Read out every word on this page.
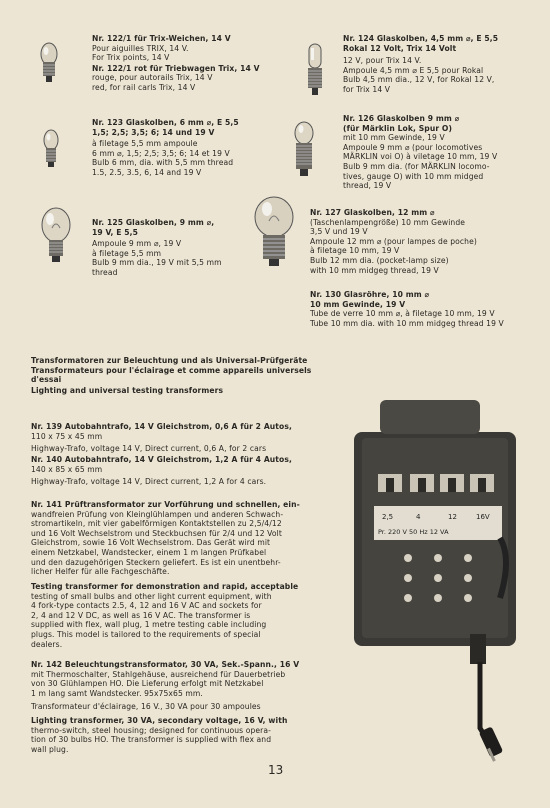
Nr. 122/1 für Trix-Weichen, 14 V
Pour aiguilles TRIX, 14 V.
For Trix points, 14 V
Nr. 122/1 rot für Triebwagen Trix, 14 V
rouge, pour autorails Trix, 14 V
red, for rail carls Trix, 14 V
Nr. 123 Glaskolben, 6 mm ⌀, E 5,5
1,5; 2,5; 3,5; 6; 14 und 19 V
à filetage 5,5 mm ampoule
6 mm ⌀, 1,5; 2,5; 3,5; 6; 14 et 19 V
Bulb 6 mm, dia. with 5,5 mm thread
1.5, 2.5, 3.5, 6, 14 and 19 V
Nr. 125 Glaskolben, 9 mm ⌀,
19 V, E 5,5
Ampoule 9 mm ⌀, 19 V
à filetage 5,5 mm
Bulb 9 mm dia., 19 V mit 5,5 mm
thread
Nr. 124 Glaskolben, 4,5 mm ⌀, E 5,5
Rokal 12 Volt, Trix 14 Volt
12 V, pour Trix 14 V.
Ampoule 4,5 mm ⌀ E 5,5 pour Rokal
Bulb 4,5 mm dia., 12 V, for Rokal 12 V,
for Trix 14 V
Nr. 126 Glaskolben 9 mm ⌀
(für Märklin Lok, Spur O)
mit 10 mm Gewinde, 19 V
Ampoule 9 mm ⌀ (pour locomotives
MÄRKLIN voi O) à viletage 10 mm, 19 V
Bulb 9 mm dia. (for MÄRKLIN locomo-
tives, gauge O) with 10 mm midged
thread, 19 V
Nr. 127 Glaskolben, 12 mm ⌀
(Taschenlampengröße) 10 mm Gewinde
3,5 V und 19 V
Ampoule 12 mm ⌀ (pour lampes de poche)
à filetage 10 mm, 19 V
Bulb 12 mm dia. (pocket-lamp size)
with 10 mm midgeg thread, 19 V
Nr. 130 Glasröhre, 10 mm ⌀
10 mm Gewinde, 19 V
Tube de verre 10 mm ⌀, à filetage 10 mm, 19 V
Tube 10 mm dia. with 10 mm midgeg thread 19 V
Transformatoren zur Beleuchtung und als Universal-Prüfgeräte
Transformateurs pour l'éclairage et comme appareils universels
d'essai
Lighting and universal testing transformers
Nr. 139 Autobahntrafo, 14 V Gleichstrom, 0,6 A für 2 Autos,
110 x 75 x 45 mm
Highway-Trafo, voltage 14 V, Direct current, 0,6 A, for 2 cars
Nr. 140 Autobahntrafo, 14 V Gleichstrom, 1,2 A für 4 Autos,
140 x 85 x 65 mm
Highway-Trafo, voltage 14 V, Direct current, 1,2 A for 4 cars.
Nr. 141 Prüftransformator zur Vorführung und schnellen, ein-
wandfreien Prüfung von Kleinglühlampen und anderen Schwach-
stromartikeln, mit vier gabelförmigen Kontaktstellen zu 2,5/4/12
und 16 Volt Wechselstrom und Steckbuchsen für 2/4 und 12 Volt
Gleichstrom, sowie 16 Volt Wechselstrom. Das Gerät wird mit
einem Netzkabel, Wandstecker, einem 1 m langen Prüfkabel
und den dazugehörigen Steckern geliefert. Es ist ein unentbehr-
licher Helfer für alle Fachgeschäfte.
Testing transformer for demonstration and rapid, acceptable
testing of small bulbs and other light current equipment, with
4 fork-type contacts 2.5, 4, 12 and 16 V AC and sockets for
2, 4 and 12 V DC, as well as 16 V AC. The transformer is
supplied with flex, wall plug, 1 metre testing cable including
plugs. This model is tailored to the requirements of special
dealers.
Nr. 142 Beleuchtungstransformator, 30 VA, Sek.-Spann., 16 V
mit Thermoschalter, Stahlgehäuse, ausreichend für Dauerbetrieb
von 30 Glühlampen HO. Die Lieferung erfolgt mit Netzkabel
1 m lang samt Wandstecker. 95x75x65 mm.
Transformateur d'éclairage, 16 V., 30 VA pour 30 ampoules
Lighting transformer, 30 VA, secondary voltage, 16 V, with
thermo-switch, steel housing; designed for continuous opera-
tion of 30 bulbs HO. The transformer is supplied with flex and
wall plug.
2,5	4	12	16V
Pr. 220 V 50 Hz 12 VA
13
